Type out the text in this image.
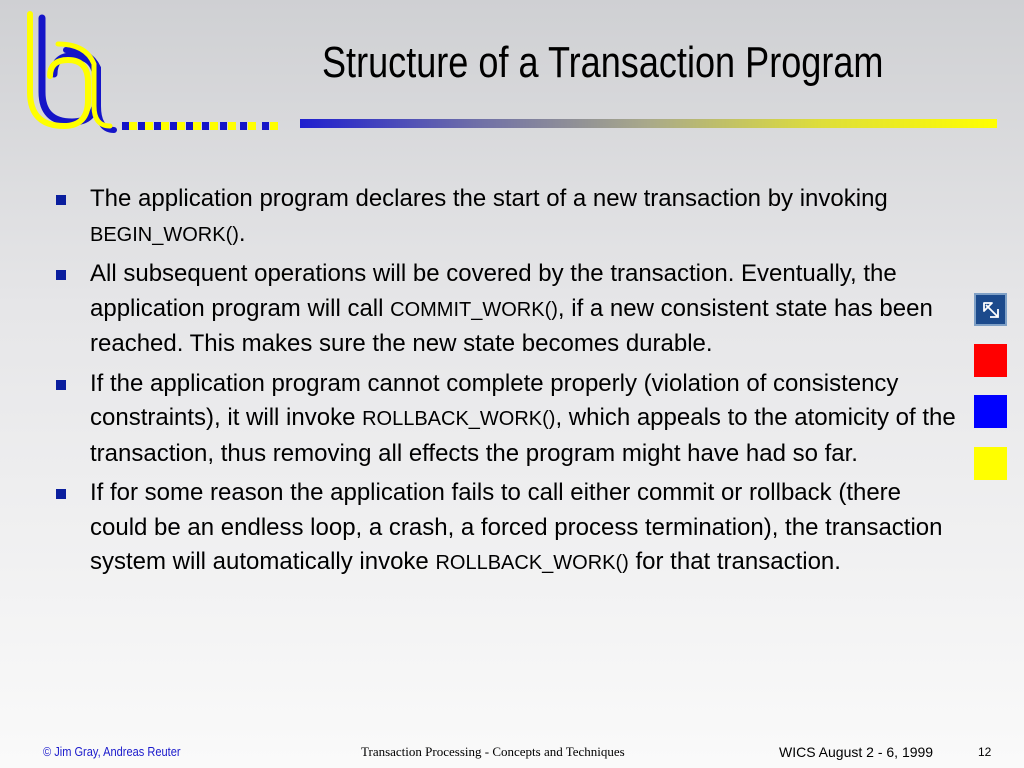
Structure of a Transaction Program
The application program declares the start of a new transaction by invoking BEGIN_WORK().
All subsequent operations will be covered by the transaction. Eventually, the application program will call COMMIT_WORK(), if a new consistent state has been reached. This makes sure the new state becomes durable.
If the application program cannot complete properly (violation of consistency constraints), it will invoke ROLLBACK_WORK(), which appeals to the atomicity of the transaction, thus removing all effects the program might have had so far.
If for some reason the application fails to call either commit or rollback (there could be an endless loop, a crash, a forced process termination), the transaction system will automatically invoke ROLLBACK_WORK() for that transaction.
© Jim Gray, Andreas Reuter	Transaction Processing - Concepts and Techniques	WICS August 2 - 6, 1999	12
